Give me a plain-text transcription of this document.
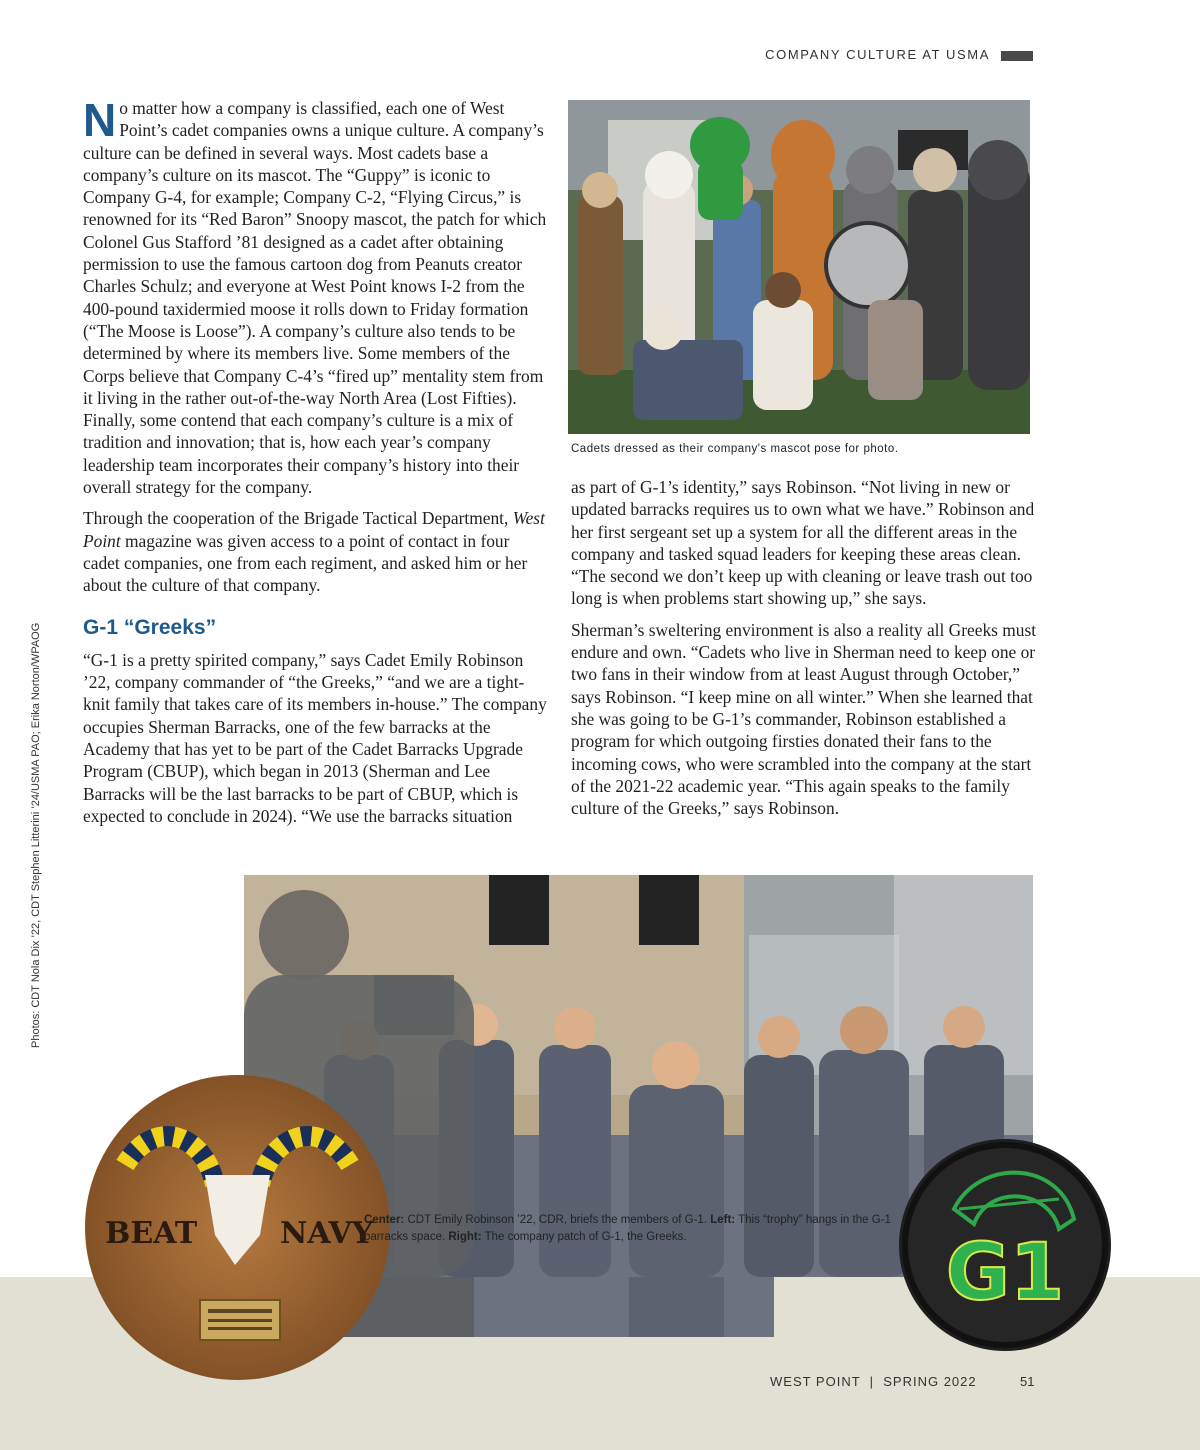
COMPANY CULTURE AT USMA

No matter how a company is classified, each one of West Point’s cadet companies owns a unique culture. A company’s culture can be defined in several ways. Most cadets base a company’s culture on its mascot. The “Guppy” is iconic to Company G-4, for example; Company C-2, “Flying Circus,” is renowned for its “Red Baron” Snoopy mascot, the patch for which Colonel Gus Stafford ’81 designed as a cadet after obtaining permission to use the famous cartoon dog from Peanuts creator Charles Schulz; and everyone at West Point knows I-2 from the 400-pound taxidermied moose it rolls down to Friday formation (“The Moose is Loose”). A company’s culture also tends to be determined by where its members live. Some members of the Corps believe that Company C-4’s “fired up” mentality stem from it living in the rather out-of-the-way North Area (Lost Fifties). Finally, some contend that each company’s culture is a mix of tradition and innovation; that is, how each year’s company leadership team incorporates their company’s history into their overall strategy for the company.

Through the cooperation of the Brigade Tactical Department, West Point magazine was given access to a point of contact in four cadet companies, one from each regiment, and asked him or her about the culture of that company.

G-1 “Greeks”

“G-1 is a pretty spirited company,” says Cadet Emily Robinson ’22, company commander of “the Greeks,” “and we are a tight-knit family that takes care of its members in-house.” The company occupies Sherman Barracks, one of the few barracks at the Academy that has yet to be part of the Cadet Barracks Upgrade Program (CBUP), which began in 2013 (Sherman and Lee Barracks will be the last barracks to be part of CBUP, which is expected to conclude in 2024). “We use the barracks situation

Cadets dressed as their company's mascot pose for photo.

as part of G-1’s identity,” says Robinson. “Not living in new or updated barracks requires us to own what we have.” Robinson and her first sergeant set up a system for all the different areas in the company and tasked squad leaders for keeping these areas clean. “The second we don’t keep up with cleaning or leave trash out too long is when problems start showing up,” she says.

Sherman’s sweltering environment is also a reality all Greeks must endure and own. “Cadets who live in Sherman need to keep one or two fans in their window from at least August through October,” says Robinson. “I keep mine on all winter.” When she learned that she was going to be G-1’s commander, Robinson established a program for which outgoing firsties donated their fans to the incoming cows, who were scrambled into the company at the start of the 2021-22 academic year. “This again speaks to the family culture of the Greeks,” says Robinson.

BEAT	NAVY	G1
Photos: CDT Nola Dix ’22, CDT Stephen Litterini ’24/USMA PAO; Erika Norton/WPAOG
Center: CDT Emily Robinson ’22, CDR, briefs the members of G-1. Left: This “trophy” hangs in the G-1 barracks space. Right: The company patch of G-1, the Greeks.
WEST POINT  |  SPRING 2022	51
